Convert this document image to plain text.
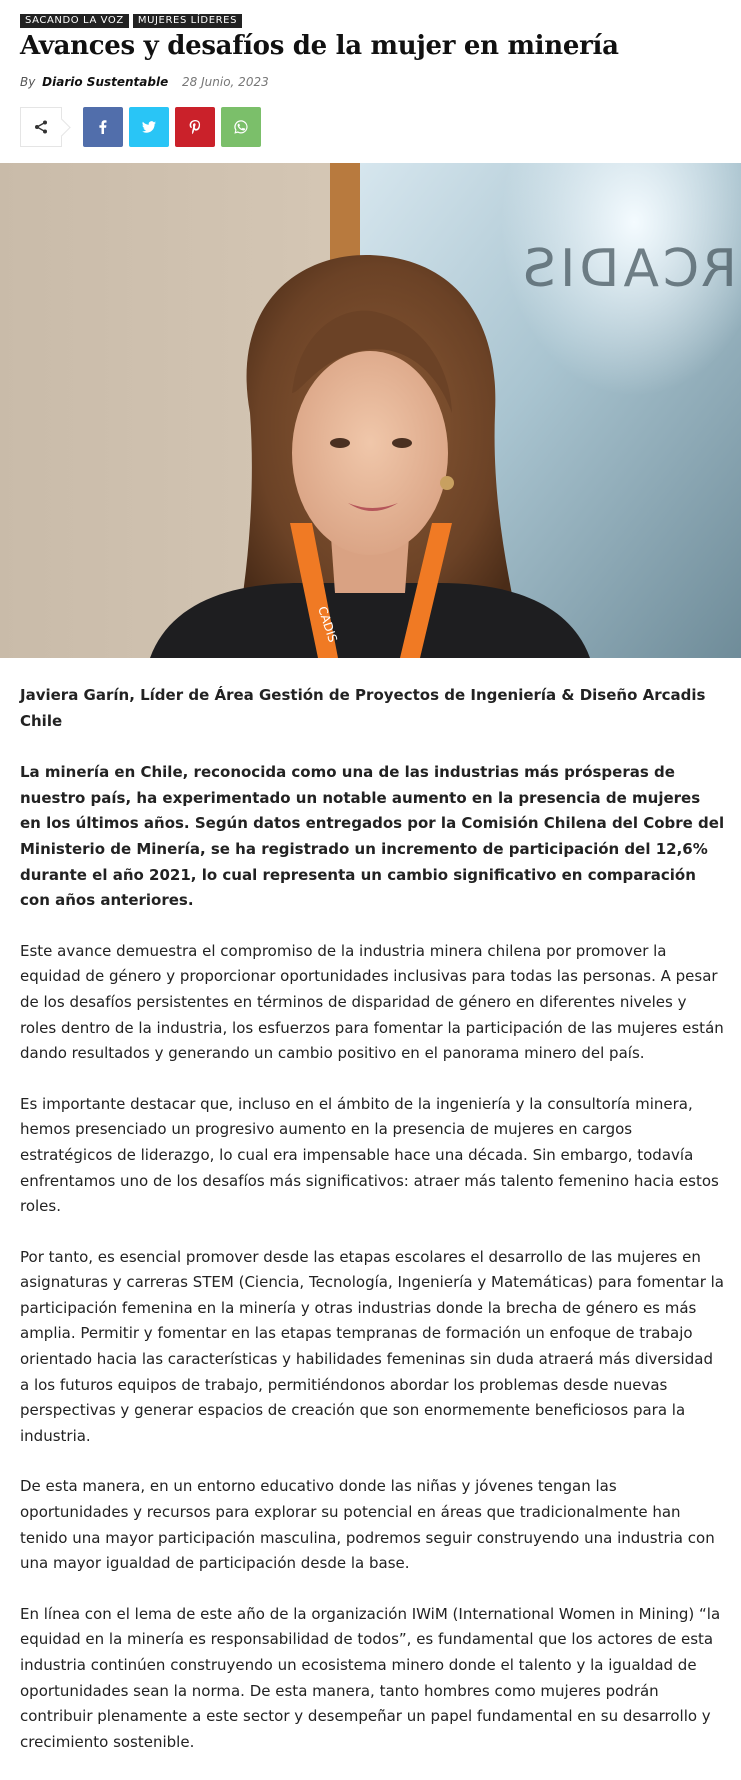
SACANDO LA VOZ	MUJERES LÍDERES
Avances y desafíos de la mujer en minería
By Diario Sustentable 28 Junio, 2023
RCADIS
CADIS

Javiera Garín, Líder de Área Gestión de Proyectos de Ingeniería & Diseño Arcadis Chile

La minería en Chile, reconocida como una de las industrias más prósperas de nuestro país, ha experimentado un notable aumento en la presencia de mujeres en los últimos años. Según datos entregados por la Comisión Chilena del Cobre del Ministerio de Minería, se ha registrado un incremento de participación del 12,6% durante el año 2021, lo cual representa un cambio significativo en comparación con años anteriores.

Este avance demuestra el compromiso de la industria minera chilena por promover la equidad de género y proporcionar oportunidades inclusivas para todas las personas. A pesar de los desafíos persistentes en términos de disparidad de género en diferentes niveles y roles dentro de la industria, los esfuerzos para fomentar la participación de las mujeres están dando resultados y generando un cambio positivo en el panorama minero del país.

Es importante destacar que, incluso en el ámbito de la ingeniería y la consultoría minera, hemos presenciado un progresivo aumento en la presencia de mujeres en cargos estratégicos de liderazgo, lo cual era impensable hace una década. Sin embargo, todavía enfrentamos uno de los desafíos más significativos: atraer más talento femenino hacia estos roles.

Por tanto, es esencial promover desde las etapas escolares el desarrollo de las mujeres en asignaturas y carreras STEM (Ciencia, Tecnología, Ingeniería y Matemáticas) para fomentar la participación femenina en la minería y otras industrias donde la brecha de género es más amplia. Permitir y fomentar en las etapas tempranas de formación un enfoque de trabajo orientado hacia las características y habilidades femeninas sin duda atraerá más diversidad a los futuros equipos de trabajo, permitiéndonos abordar los problemas desde nuevas perspectivas y generar espacios de creación que son enormemente beneficiosos para la industria.

De esta manera, en un entorno educativo donde las niñas y jóvenes tengan las oportunidades y recursos para explorar su potencial en áreas que tradicionalmente han tenido una mayor participación masculina, podremos seguir construyendo una industria con una mayor igualdad de participación desde la base.

En línea con el lema de este año de la organización IWiM (International Women in Mining) “la equidad en la minería es responsabilidad de todos”, es fundamental que los actores de esta industria continúen construyendo un ecosistema minero donde el talento y la igualdad de oportunidades sean la norma. De esta manera, tanto hombres como mujeres podrán contribuir plenamente a este sector y desempeñar un papel fundamental en su desarrollo y crecimiento sostenible.
